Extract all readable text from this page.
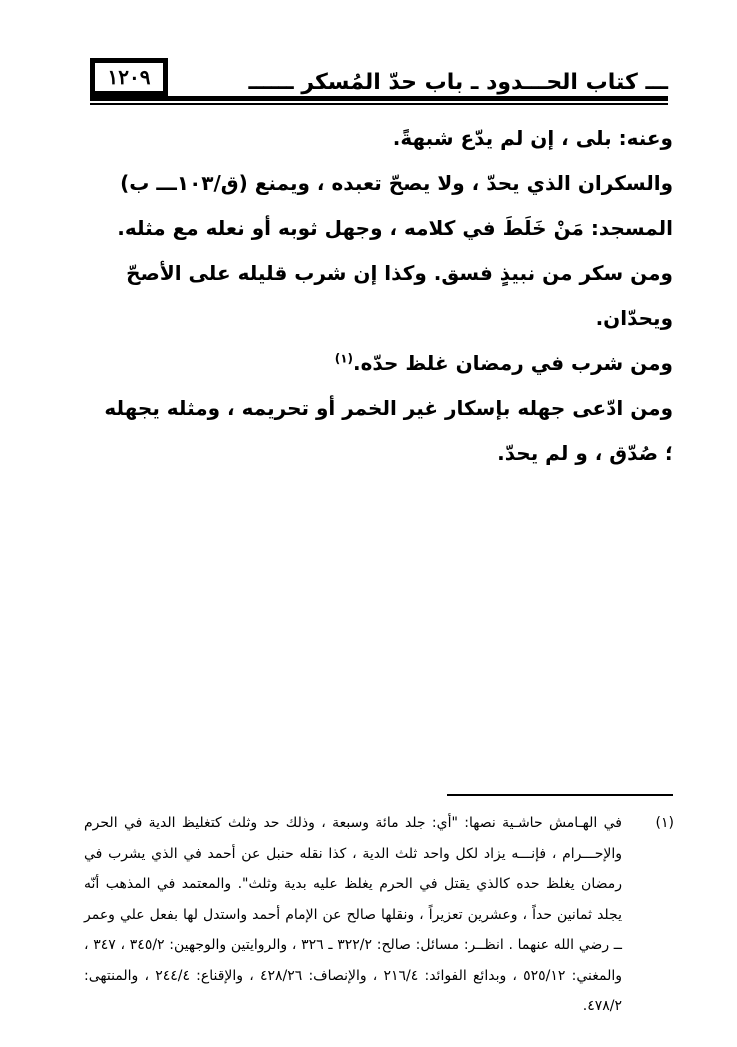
١٢٠٩	ـــ كتاب الحـــدود ـ باب حدّ المُسكر ــــــ

وعنه: بلى ، إن لم يدّع شبهةً.

والسكران الذي يحدّ ، ولا يصحّ تعبده ، ويمنع (ق/١٠٣ـــ ب) المسجد: مَنْ خَلَطَ في كلامه ، وجهل ثوبه أو نعله مع مثله.

ومن سكر من نبيذٍ فسق. وكذا إن شرب قليله على الأصحّ ويحدّان.

ومن شرب في رمضان غلظ حدّه.$^{(١)}$

ومن ادّعى جهله بإسكار غير الخمر أو تحريمه ، ومثله يجهله ؛ صُدّق ، و لم يحدّ.

(١)
في الهـامش حاشـية نصها: "أي: جلد مائة وسبعة ، وذلك حد وثلث كتغليظ الدية في الحرم والإحـــرام ، فإنـــه يزاد لكل واحد ثلث الدية ، كذا نقله حنبل عن أحمد في الذي يشرب في رمضان يغلظ حده كالذي يقتل في الحرم يغلظ عليه بدية وثلث". والمعتمد في المذهب أنّه يجلد ثمانين حداً ، وعشرين تعزيراً ، ونقلها صالح عن الإمام أحمد واستدل لها بفعل علي وعمر ــ رضي الله عنهما . انظــر: مسائل: صالح: ٣٢٢/٢ ـ ٣٢٦ ، والروايتين والوجهين: ٣٤٥/٢ ، ٣٤٧ ، والمغني: ٥٢٥/١٢ ، وبدائع الفوائد: ٢١٦/٤ ، والإنصاف: ٤٢٨/٢٦ ، والإقناع: ٢٤٤/٤ ، والمنتهى: ٤٧٨/٢.
